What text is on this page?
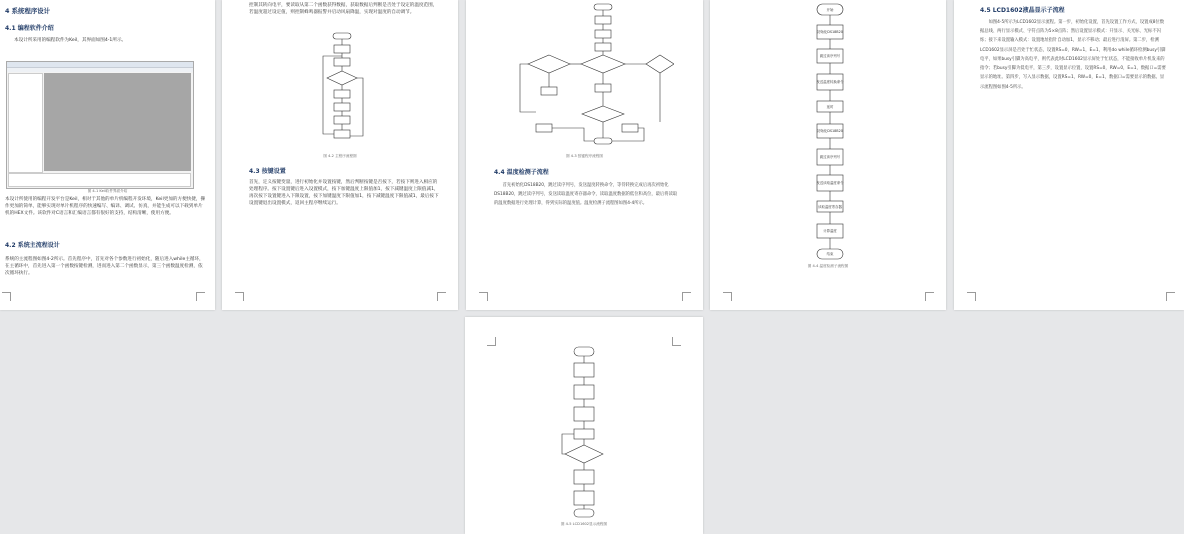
4 系统程序设计
4.1 编程软件介绍
本设计所采用的编程软件为Keil，其界面如图4-1所示。
图 4-1 Keil软件界面介绍
本设计所使用的编程开发平台是Keil，相对于其他的单片机编程开发环境，Keil更加的方便快捷，操作更加的简单，能够实现对单片机程序的快速编写、编译、调试、仿真，并能生成可以下载到单片机的HEX文件。该软件对C语言和汇编语言都有很好的支持，结构清晰，使用方便。
4.2 系统主流程设计
系统的主流程图如图4-2所示。首先程序中，首先对各个参数进行初始化，随后进入while主循环，在主循环中，首先进入第一个函数按键检测，进而进入第二个函数显示，第三个函数温度检测，依次循环执行。
控制其转向电平，要读取从第二个函数获得数据，获取数据后判断是否处于设定的温度范围，若温度超过设定值，则控制蜂鸣器报警并启动风扇降温，实现对温度的自动调节。
图 4-2 主程序流程图
4.3 按键设置
首先，定义按键变量，进行初始化并设置按键，然后判断按键是否按下，若按下则进入相应的处理程序。按下设置键后进入设置模式，按下加键温度上限值加1，按下减键温度上限值减1，再次按下设置键进入下限设置，按下加键温度下限值加1，按下减键温度下限值减1，最后按下设置键退出设置模式，返回主程序继续运行。
图 4-3 按键程序流程图
4.4 温度检测子流程
首先初始化DS18B20，跳过读序列号，发送温度转换命令，等待转换完成后再次初始化DS18B20，跳过读序列号，发送读取温度寄存器命令，读取温度数据的低位和高位，最后将读取的温度数据进行处理计算，得到实际的温度值。温度检测子流程图如图4-4所示。
开始
初始化DS18B20
跳过读序列号
发送温度转换命令
延时
初始化DS18B20
跳过读序列号
发送读取温度命令
读取温度寄存器
计算温度
结束
图 4-4 温度检测子流程图
4.5 LCD1602液晶显示子流程
如图4-5所示为LCD1602显示流程。第一步，初始化设置，首先设置工作方式，设置成8位数据总线、两行显示模式、字符点阵为5×8点阵；然后设置显示模式：开显示、关光标、光标不闪烁；接下来设置输入模式：设置地址指针自动加1，显示不移动；最后进行清屏。第二步，检测LCD1602显示屏是否处于忙状态，设置RS=0，RW=1，E=1，利用do while循环检测busy引脚电平，如果busy引脚为高电平，则代表此时LCD1602显示屏处于忙状态，不能接收单片机发来的指令；若busy引脚为低电平，第三步，设置显示位置，设置RS=0，RW=0，E=1，数据口=需要显示的地址。第四步，写入显示数据，设置RS=1，RW=0，E=1，数据口=需要显示的数据。显示流程图如图4-5所示。
图 4-5 LCD1602显示流程图
